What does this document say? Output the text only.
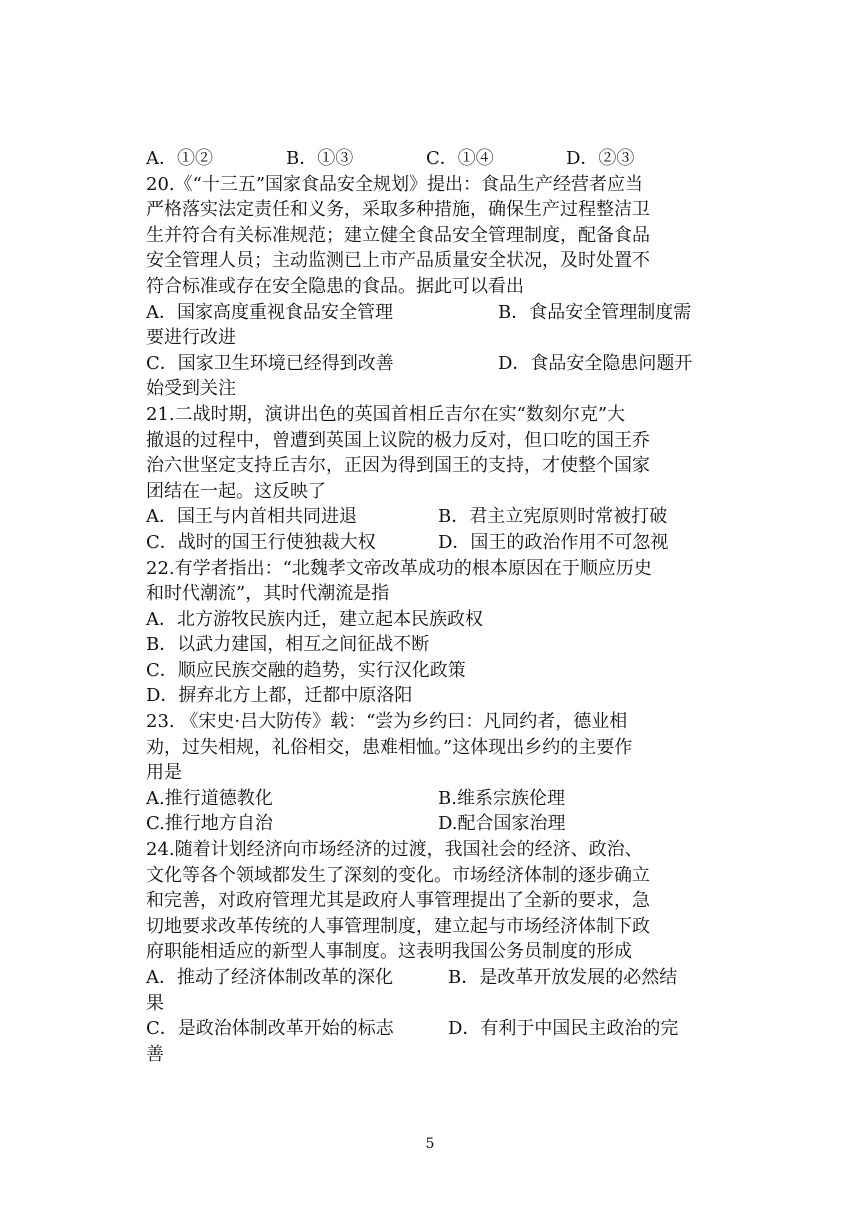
A．①②	B．①③	C．①④	D．②③
20.《“十三五”国家食品安全规划》提出：食品生产经营者应当
严格落实法定责任和义务，采取多种措施，确保生产过程整洁卫
生并符合有关标准规范；建立健全食品安全管理制度，配备食品
安全管理人员；主动监测已上市产品质量安全状况，及时处置不
符合标准或存在安全隐患的食品。据此可以看出
A．国家高度重视食品安全管理	B．食品安全管理制度需
要进行改进
C．国家卫生环境已经得到改善	D．食品安全隐患问题开
始受到关注
21.二战时期，演讲出色的英国首相丘吉尔在实“数刻尔克”大
撤退的过程中，曾遭到英国上议院的极力反对，但口吃的国王乔
治六世坚定支持丘吉尔，正因为得到国王的支持，才使整个国家
团结在一起。这反映了
A．国王与内首相共同进退	B．君主立宪原则时常被打破
C．战时的国王行使独裁大权	D．国王的政治作用不可忽视
22.有学者指出：“北魏孝文帝改革成功的根本原因在于顺应历史
和时代潮流”，其时代潮流是指
A．北方游牧民族内迁，建立起本民族政权
B．以武力建国，相互之间征战不断
C．顺应民族交融的趋势，实行汉化政策
D．摒弃北方上都，迁都中原洛阳
23. 《宋史·吕大防传》载：“尝为乡约曰：凡同约者，德业相
劝，过失相规，礼俗相交，患难相恤。”这体现出乡约的主要作
用是
A.推行道德教化	B.维系宗族伦理
C.推行地方自治	D.配合国家治理
24.随着计划经济向市场经济的过渡，我国社会的经济、政治、
文化等各个领域都发生了深刻的变化。市场经济体制的逐步确立
和完善，对政府管理尤其是政府人事管理提出了全新的要求，急
切地要求改革传统的人事管理制度，建立起与市场经济体制下政
府职能相适应的新型人事制度。这表明我国公务员制度的形成
A．推动了经济体制改革的深化	B．是改革开放发展的必然结
果
C．是政治体制改革开始的标志	D．有利于中国民主政治的完
善
5
